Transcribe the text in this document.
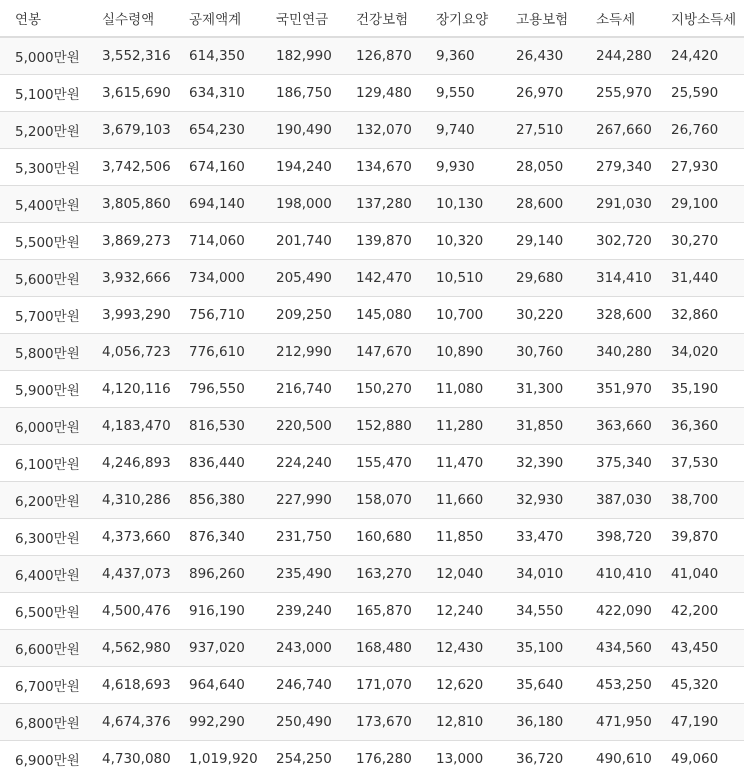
연봉	실수령액	공제액계	국민연금	건강보험	장기요양	고용보험	소득세	지방소득세
5,000만원	3,552,316	614,350	182,990	126,870	9,360	26,430	244,280	24,420
5,100만원	3,615,690	634,310	186,750	129,480	9,550	26,970	255,970	25,590
5,200만원	3,679,103	654,230	190,490	132,070	9,740	27,510	267,660	26,760
5,300만원	3,742,506	674,160	194,240	134,670	9,930	28,050	279,340	27,930
5,400만원	3,805,860	694,140	198,000	137,280	10,130	28,600	291,030	29,100
5,500만원	3,869,273	714,060	201,740	139,870	10,320	29,140	302,720	30,270
5,600만원	3,932,666	734,000	205,490	142,470	10,510	29,680	314,410	31,440
5,700만원	3,993,290	756,710	209,250	145,080	10,700	30,220	328,600	32,860
5,800만원	4,056,723	776,610	212,990	147,670	10,890	30,760	340,280	34,020
5,900만원	4,120,116	796,550	216,740	150,270	11,080	31,300	351,970	35,190
6,000만원	4,183,470	816,530	220,500	152,880	11,280	31,850	363,660	36,360
6,100만원	4,246,893	836,440	224,240	155,470	11,470	32,390	375,340	37,530
6,200만원	4,310,286	856,380	227,990	158,070	11,660	32,930	387,030	38,700
6,300만원	4,373,660	876,340	231,750	160,680	11,850	33,470	398,720	39,870
6,400만원	4,437,073	896,260	235,490	163,270	12,040	34,010	410,410	41,040
6,500만원	4,500,476	916,190	239,240	165,870	12,240	34,550	422,090	42,200
6,600만원	4,562,980	937,020	243,000	168,480	12,430	35,100	434,560	43,450
6,700만원	4,618,693	964,640	246,740	171,070	12,620	35,640	453,250	45,320
6,800만원	4,674,376	992,290	250,490	173,670	12,810	36,180	471,950	47,190
6,900만원	4,730,080	1,019,920	254,250	176,280	13,000	36,720	490,610	49,060
